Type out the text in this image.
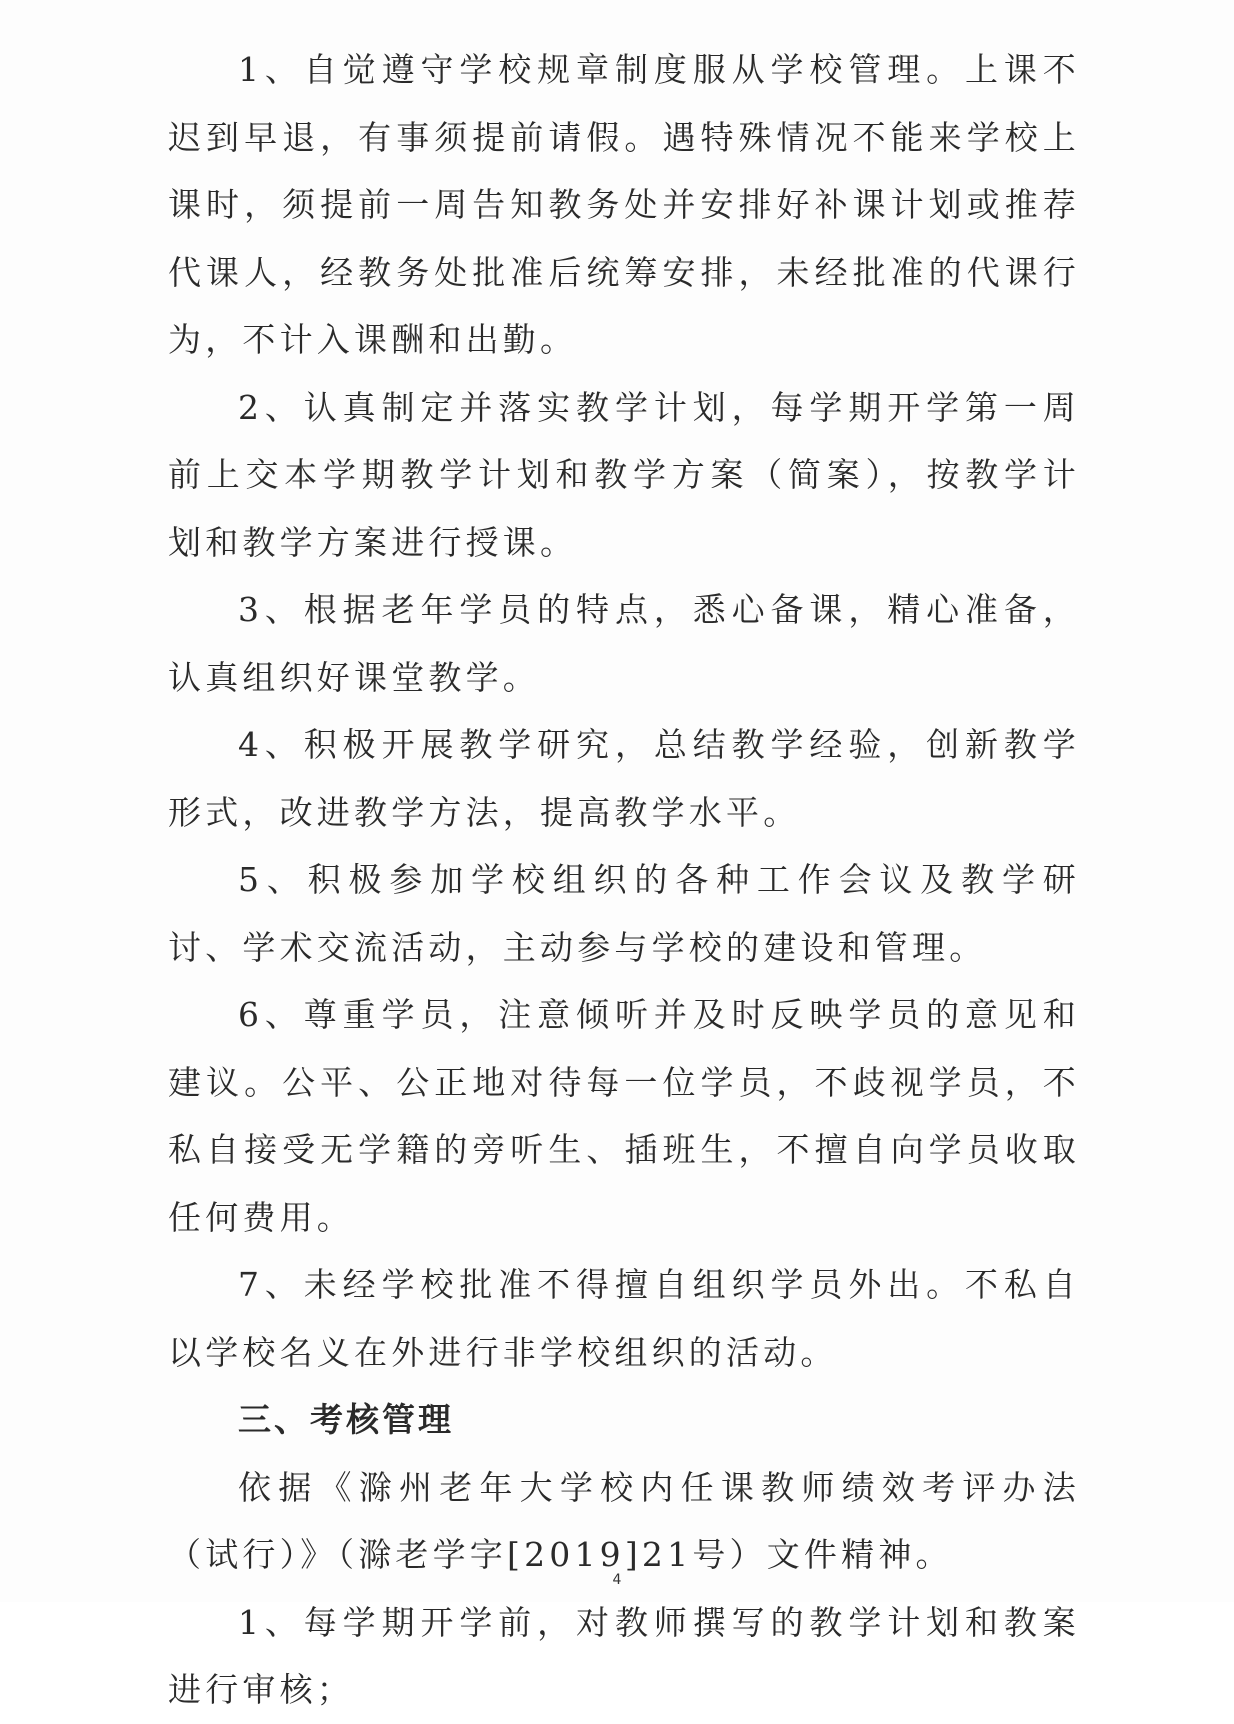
1、自觉遵守学校规章制度服从学校管理。上课不迟到早退，有事须提前请假。遇特殊情况不能来学校上课时，须提前一周告知教务处并安排好补课计划或推荐代课人，经教务处批准后统筹安排，未经批准的代课行为，不计入课酬和出勤。

2、认真制定并落实教学计划，每学期开学第一周前上交本学期教学计划和教学方案（简案），按教学计划和教学方案进行授课。

3、根据老年学员的特点，悉心备课，精心准备，认真组织好课堂教学。

4、积极开展教学研究，总结教学经验，创新教学形式，改进教学方法，提高教学水平。

5、积极参加学校组织的各种工作会议及教学研讨、学术交流活动，主动参与学校的建设和管理。

6、尊重学员，注意倾听并及时反映学员的意见和建议。公平、公正地对待每一位学员，不歧视学员，不私自接受无学籍的旁听生、插班生，不擅自向学员收取任何费用。

7、未经学校批准不得擅自组织学员外出。不私自以学校名义在外进行非学校组织的活动。

三、考核管理

依据《滁州老年大学校内任课教师绩效考评办法（试行）》（滁老学字[2019]21号）文件精神。

1、每学期开学前，对教师撰写的教学计划和教案进行审核；

4
